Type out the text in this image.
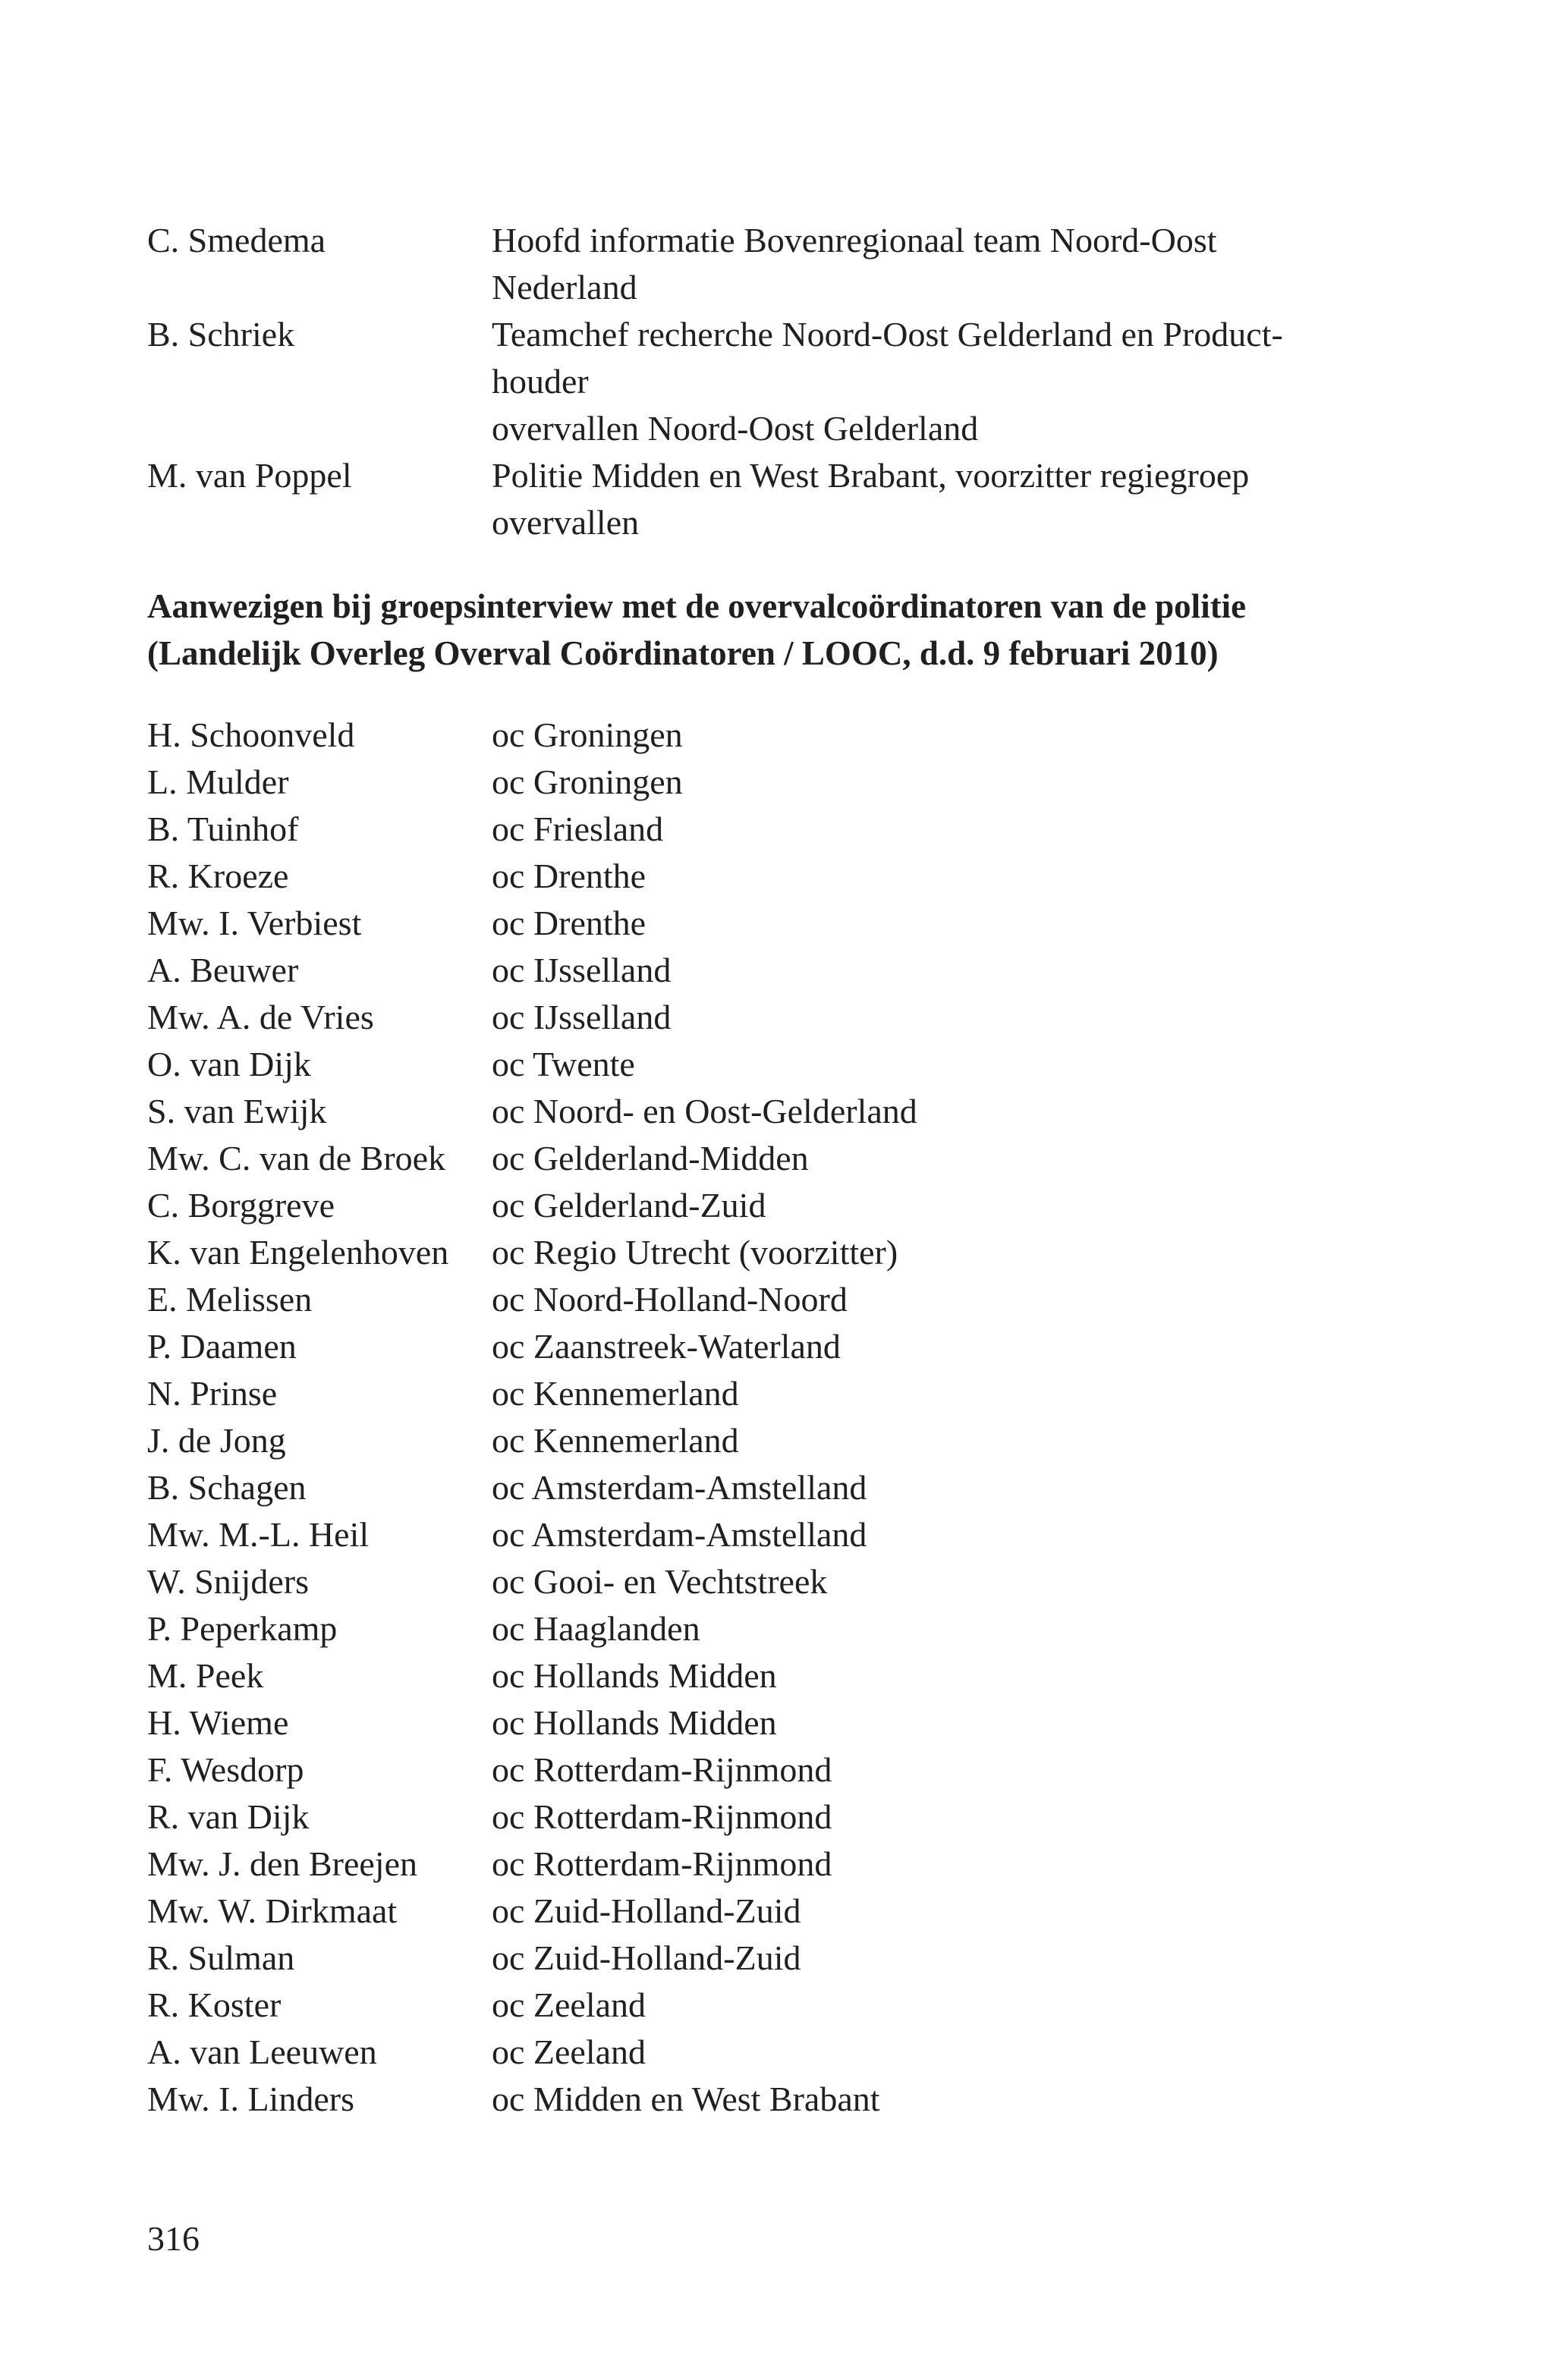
C. Smedema	Hoofd informatie Bovenregionaal team Noord-Oost
Nederland
B. Schriek	Teamchef recherche Noord-Oost Gelderland en Product-
houder
overvallen Noord-Oost Gelderland
M. van Poppel	Politie Midden en West Brabant, voorzitter regiegroep
overvallen
Aanwezigen bij groepsinterview met de overvalcoördinatoren van de politie
(Landelijk Overleg Overval Coördinatoren / LOOC, d.d. 9 februari 2010)
H. Schoonveld	oc Groningen
L. Mulder	oc Groningen
B. Tuinhof	oc Friesland
R. Kroeze	oc Drenthe
Mw. I. Verbiest	oc Drenthe
A. Beuwer	oc IJsselland
Mw. A. de Vries	oc IJsselland
O. van Dijk	oc Twente
S. van Ewijk	oc Noord- en Oost-Gelderland
Mw. C. van de Broek	oc Gelderland-Midden
C. Borggreve	oc Gelderland-Zuid
K. van Engelenhoven	oc Regio Utrecht (voorzitter)
E. Melissen	oc Noord-Holland-Noord
P. Daamen	oc Zaanstreek-Waterland
N. Prinse	oc Kennemerland
J. de Jong	oc Kennemerland
B. Schagen	oc Amsterdam-Amstelland
Mw. M.-L. Heil	oc Amsterdam-Amstelland
W. Snijders	oc Gooi- en Vechtstreek
P. Peperkamp	oc Haaglanden
M. Peek	oc Hollands Midden
H. Wieme	oc Hollands Midden
F. Wesdorp	oc Rotterdam-Rijnmond
R. van Dijk	oc Rotterdam-Rijnmond
Mw. J. den Breejen	oc Rotterdam-Rijnmond
Mw. W. Dirkmaat	oc Zuid-Holland-Zuid
R. Sulman	oc Zuid-Holland-Zuid
R. Koster	oc Zeeland
A. van Leeuwen	oc Zeeland
Mw. I. Linders	oc Midden en West Brabant
316
